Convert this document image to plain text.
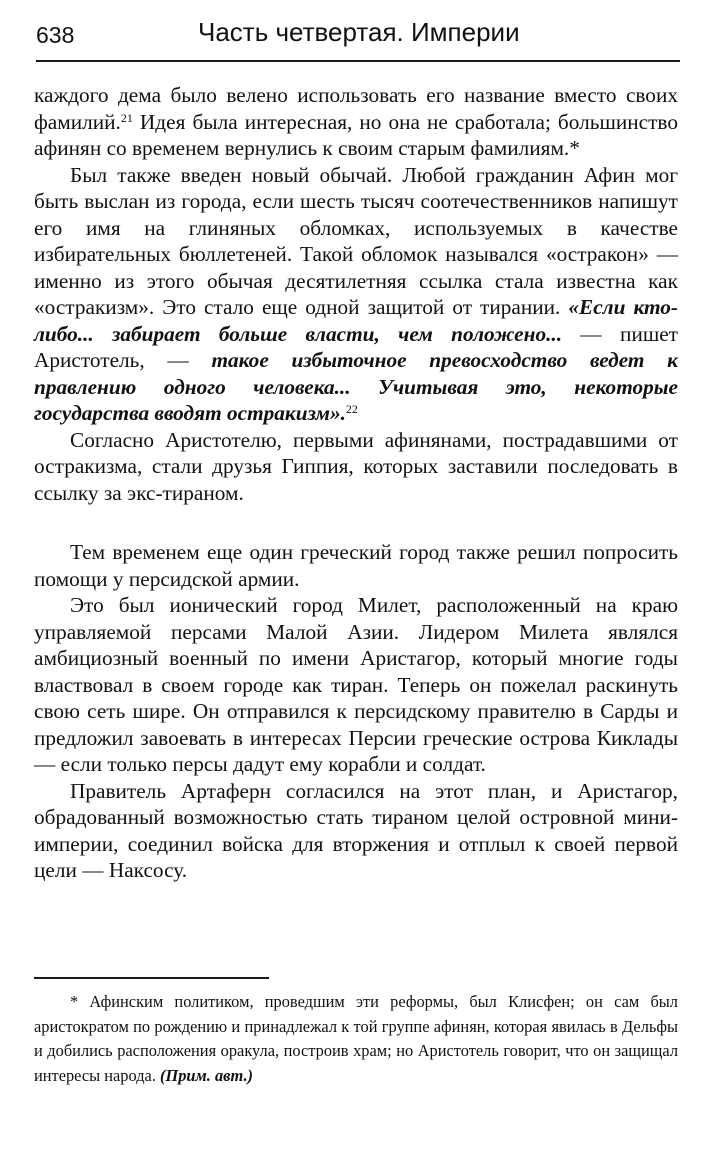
638	Часть четвертая. Империи

каждого дема было велено использовать его название вместо своих фамилий.$^{21}$ Идея была интересная, но она не сработала; большинство афинян со временем вернулись к своим старым фамилиям.*

Был также введен новый обычай. Любой гражданин Афин мог быть выслан из города, если шесть тысяч соотечественников напишут его имя на глиняных обломках, используемых в качестве избирательных бюллетеней. Такой обломок назывался «остракон» — именно из этого обычая десятилетняя ссылка стала известна как «остракизм». Это стало еще одной защитой от тирании. «Если кто-либо... забирает больше власти, чем положено... — пишет Аристотель, — такое избыточное превосходство ведет к правлению одного человека... Учитывая это, некоторые государства вводят остракизм».$^{22}$

Согласно Аристотелю, первыми афинянами, пострадавшими от остракизма, стали друзья Гиппия, которых заставили последовать в ссылку за экс-тираном.

Тем временем еще один греческий город также решил попросить помощи у персидской армии.

Это был ионический город Милет, расположенный на краю управляемой персами Малой Азии. Лидером Милета являлся амбициозный военный по имени Аристагор, который многие годы властвовал в своем городе как тиран. Теперь он пожелал раскинуть свою сеть шире. Он отправился к персидскому правителю в Сарды и предложил завоевать в интересах Персии греческие острова Киклады — если только персы дадут ему корабли и солдат.

Правитель Артаферн согласился на этот план, и Аристагор, обрадованный возможностью стать тираном целой островной мини-империи, соединил войска для вторжения и отплыл к своей первой цели — Наксосу.

* Афинским политиком, проведшим эти реформы, был Клисфен; он сам был аристократом по рождению и принадлежал к той группе афинян, которая явилась в Дельфы и добились расположения оракула, построив храм; но Аристотель говорит, что он защищал интересы народа. (Прим. авт.)
